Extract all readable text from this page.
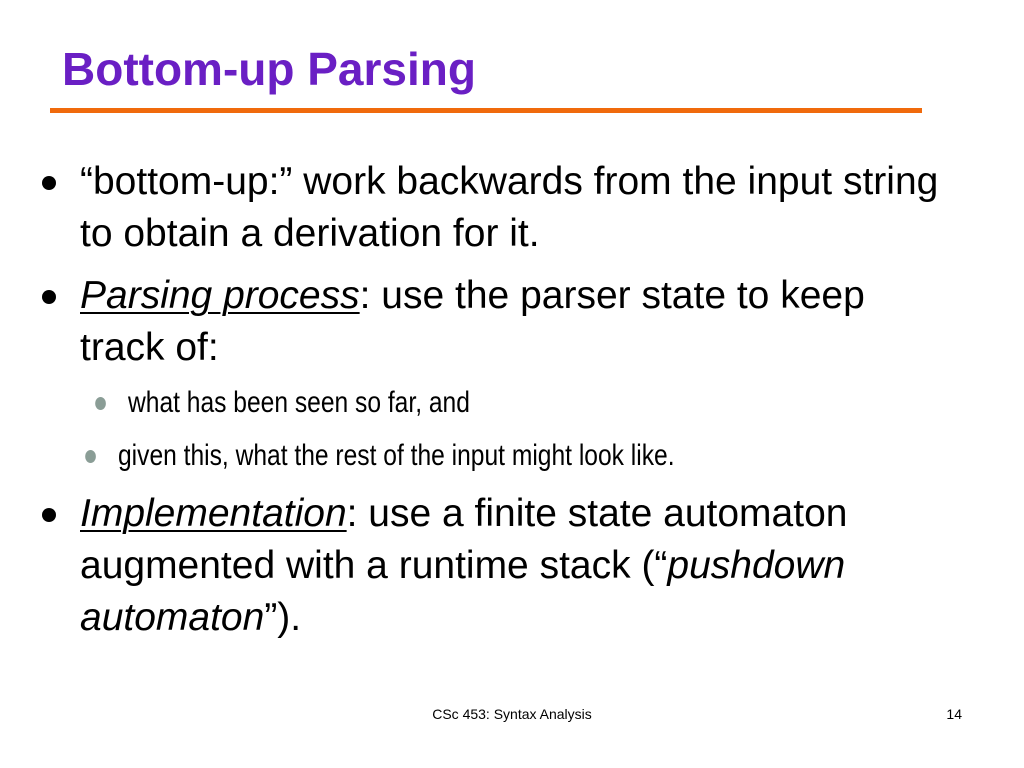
Bottom-up Parsing
“bottom-up:” work backwards from the input string to obtain a derivation for it.
Parsing process: use the parser state to keep track of:
what has been seen so far, and
given this, what the rest of the input might look like.
Implementation: use a finite state automaton augmented with a runtime stack (“pushdown automaton”).
CSc 453: Syntax Analysis	14
